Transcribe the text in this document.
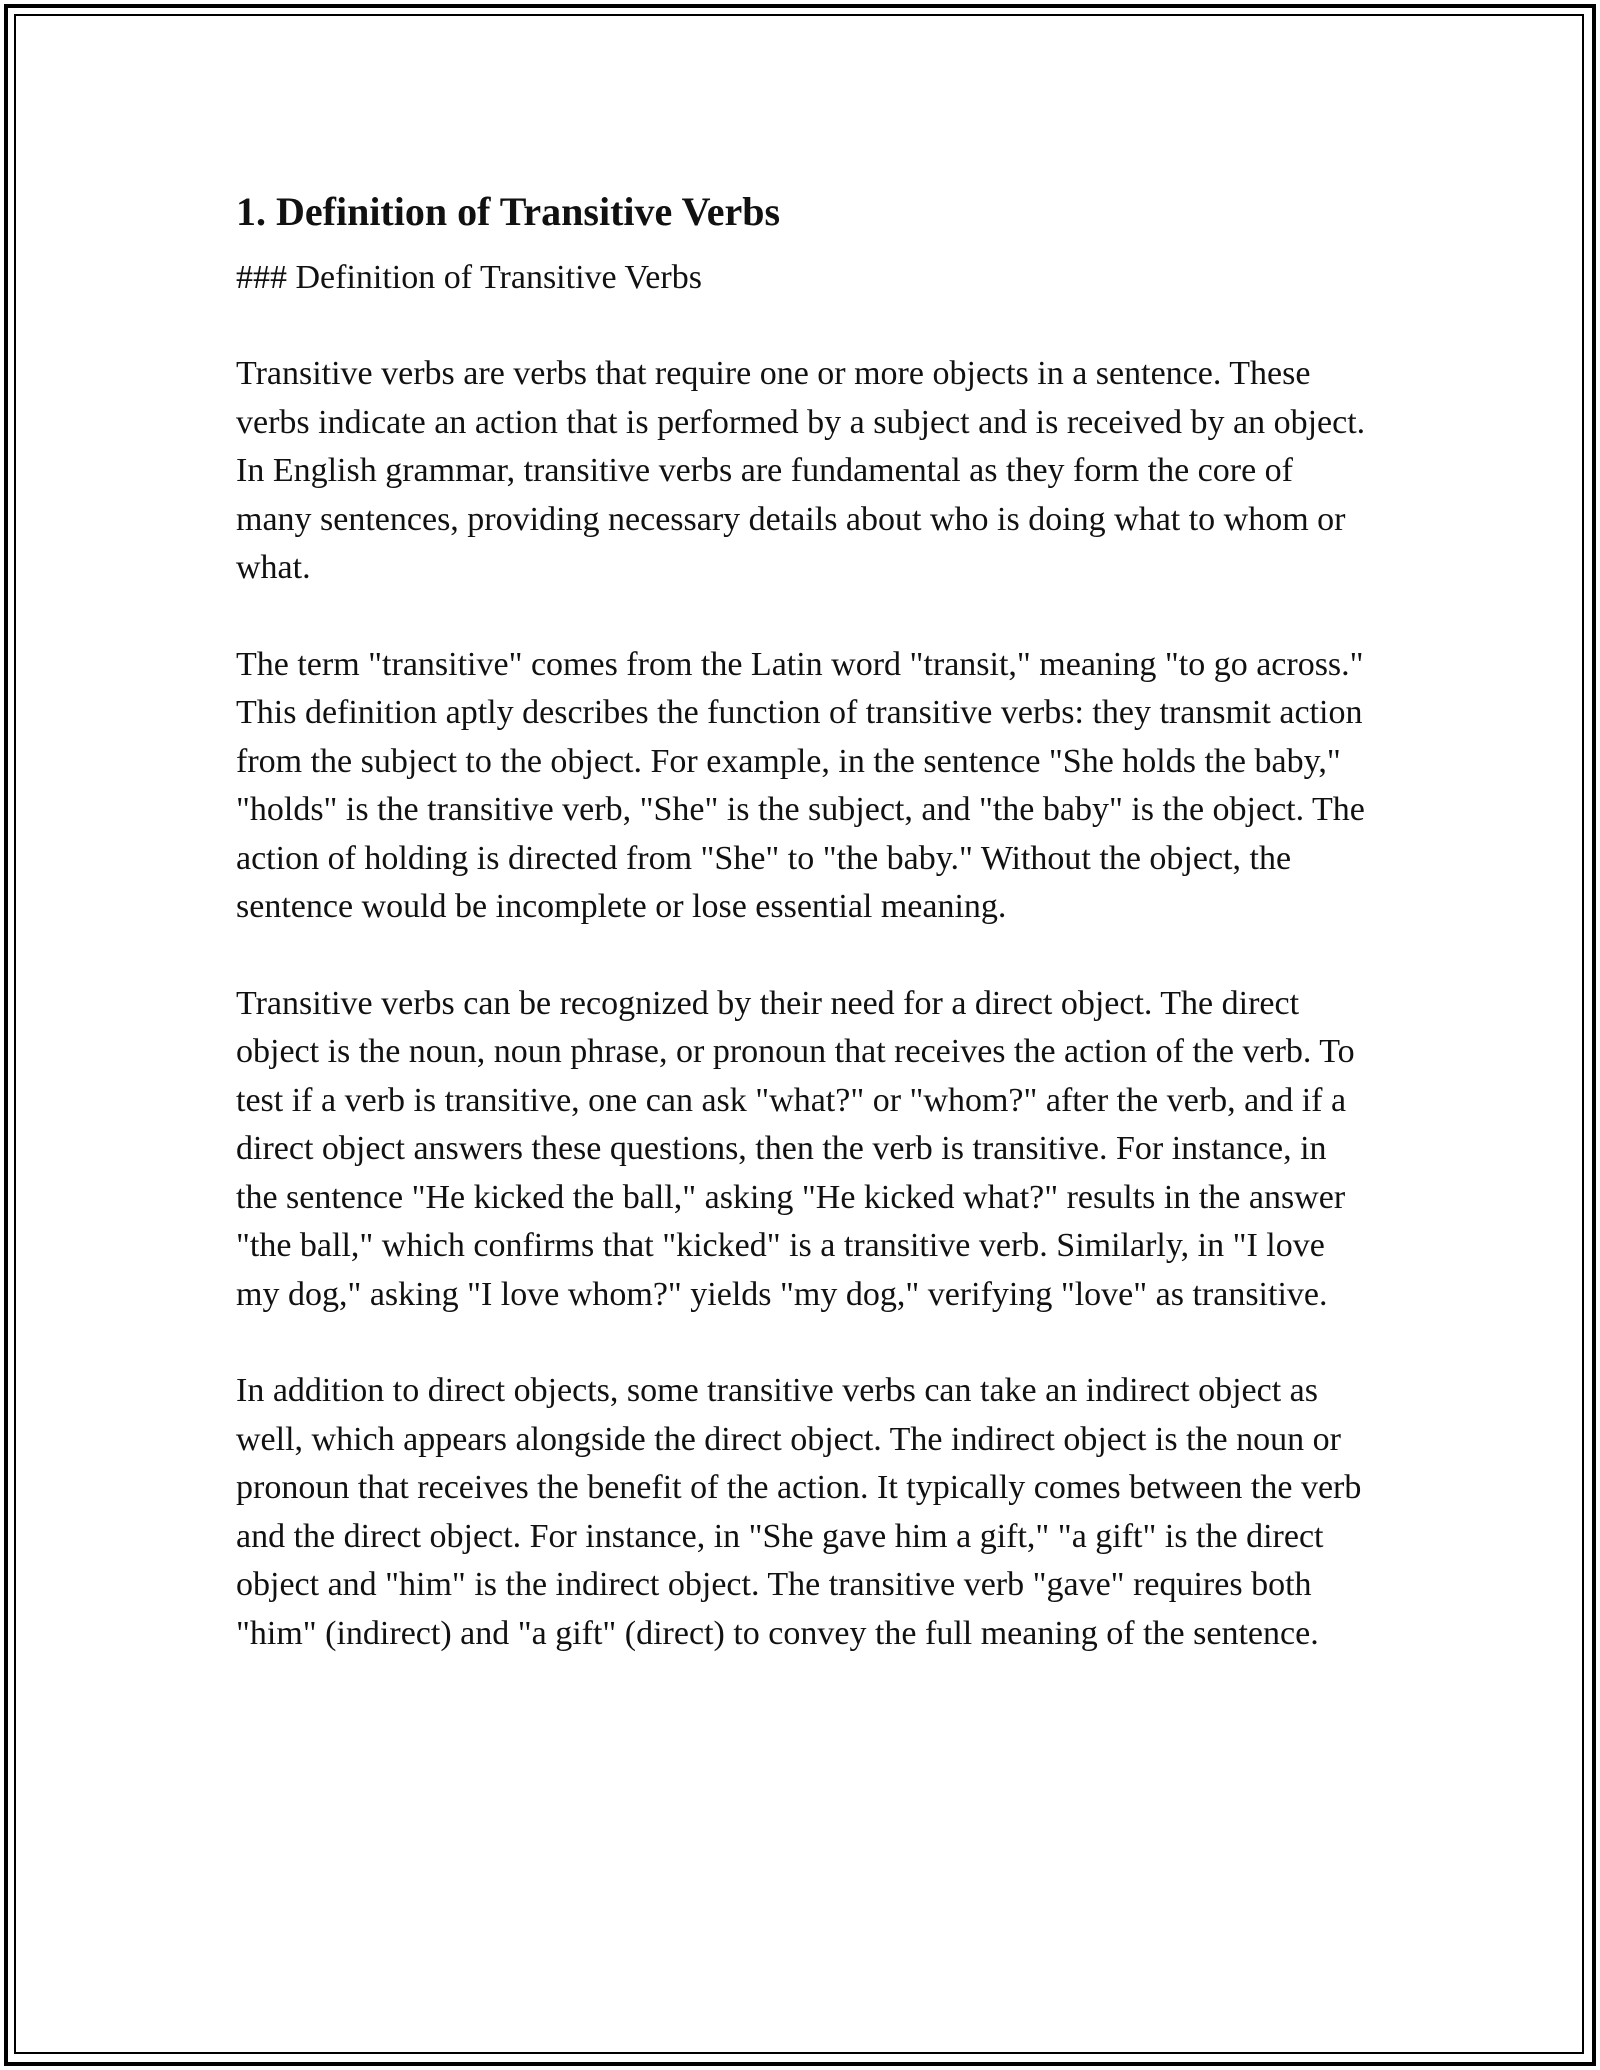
1. Definition of Transitive Verbs

### Definition of Transitive Verbs

Transitive verbs are verbs that require one or more objects in a sentence. These verbs indicate an action that is performed by a subject and is received by an object. In English grammar, transitive verbs are fundamental as they form the core of many sentences, providing necessary details about who is doing what to whom or what.

The term "transitive" comes from the Latin word "transit," meaning "to go across." This definition aptly describes the function of transitive verbs: they transmit action from the subject to the object. For example, in the sentence "She holds the baby," "holds" is the transitive verb, "She" is the subject, and "the baby" is the object. The action of holding is directed from "She" to "the baby." Without the object, the sentence would be incomplete or lose essential meaning.

Transitive verbs can be recognized by their need for a direct object. The direct object is the noun, noun phrase, or pronoun that receives the action of the verb. To test if a verb is transitive, one can ask "what?" or "whom?" after the verb, and if a direct object answers these questions, then the verb is transitive. For instance, in the sentence "He kicked the ball," asking "He kicked what?" results in the answer "the ball," which confirms that "kicked" is a transitive verb. Similarly, in "I love my dog," asking "I love whom?" yields "my dog," verifying "love" as transitive.

In addition to direct objects, some transitive verbs can take an indirect object as well, which appears alongside the direct object. The indirect object is the noun or pronoun that receives the benefit of the action. It typically comes between the verb and the direct object. For instance, in "She gave him a gift," "a gift" is the direct object and "him" is the indirect object. The transitive verb "gave" requires both "him" (indirect) and "a gift" (direct) to convey the full meaning of the sentence.
